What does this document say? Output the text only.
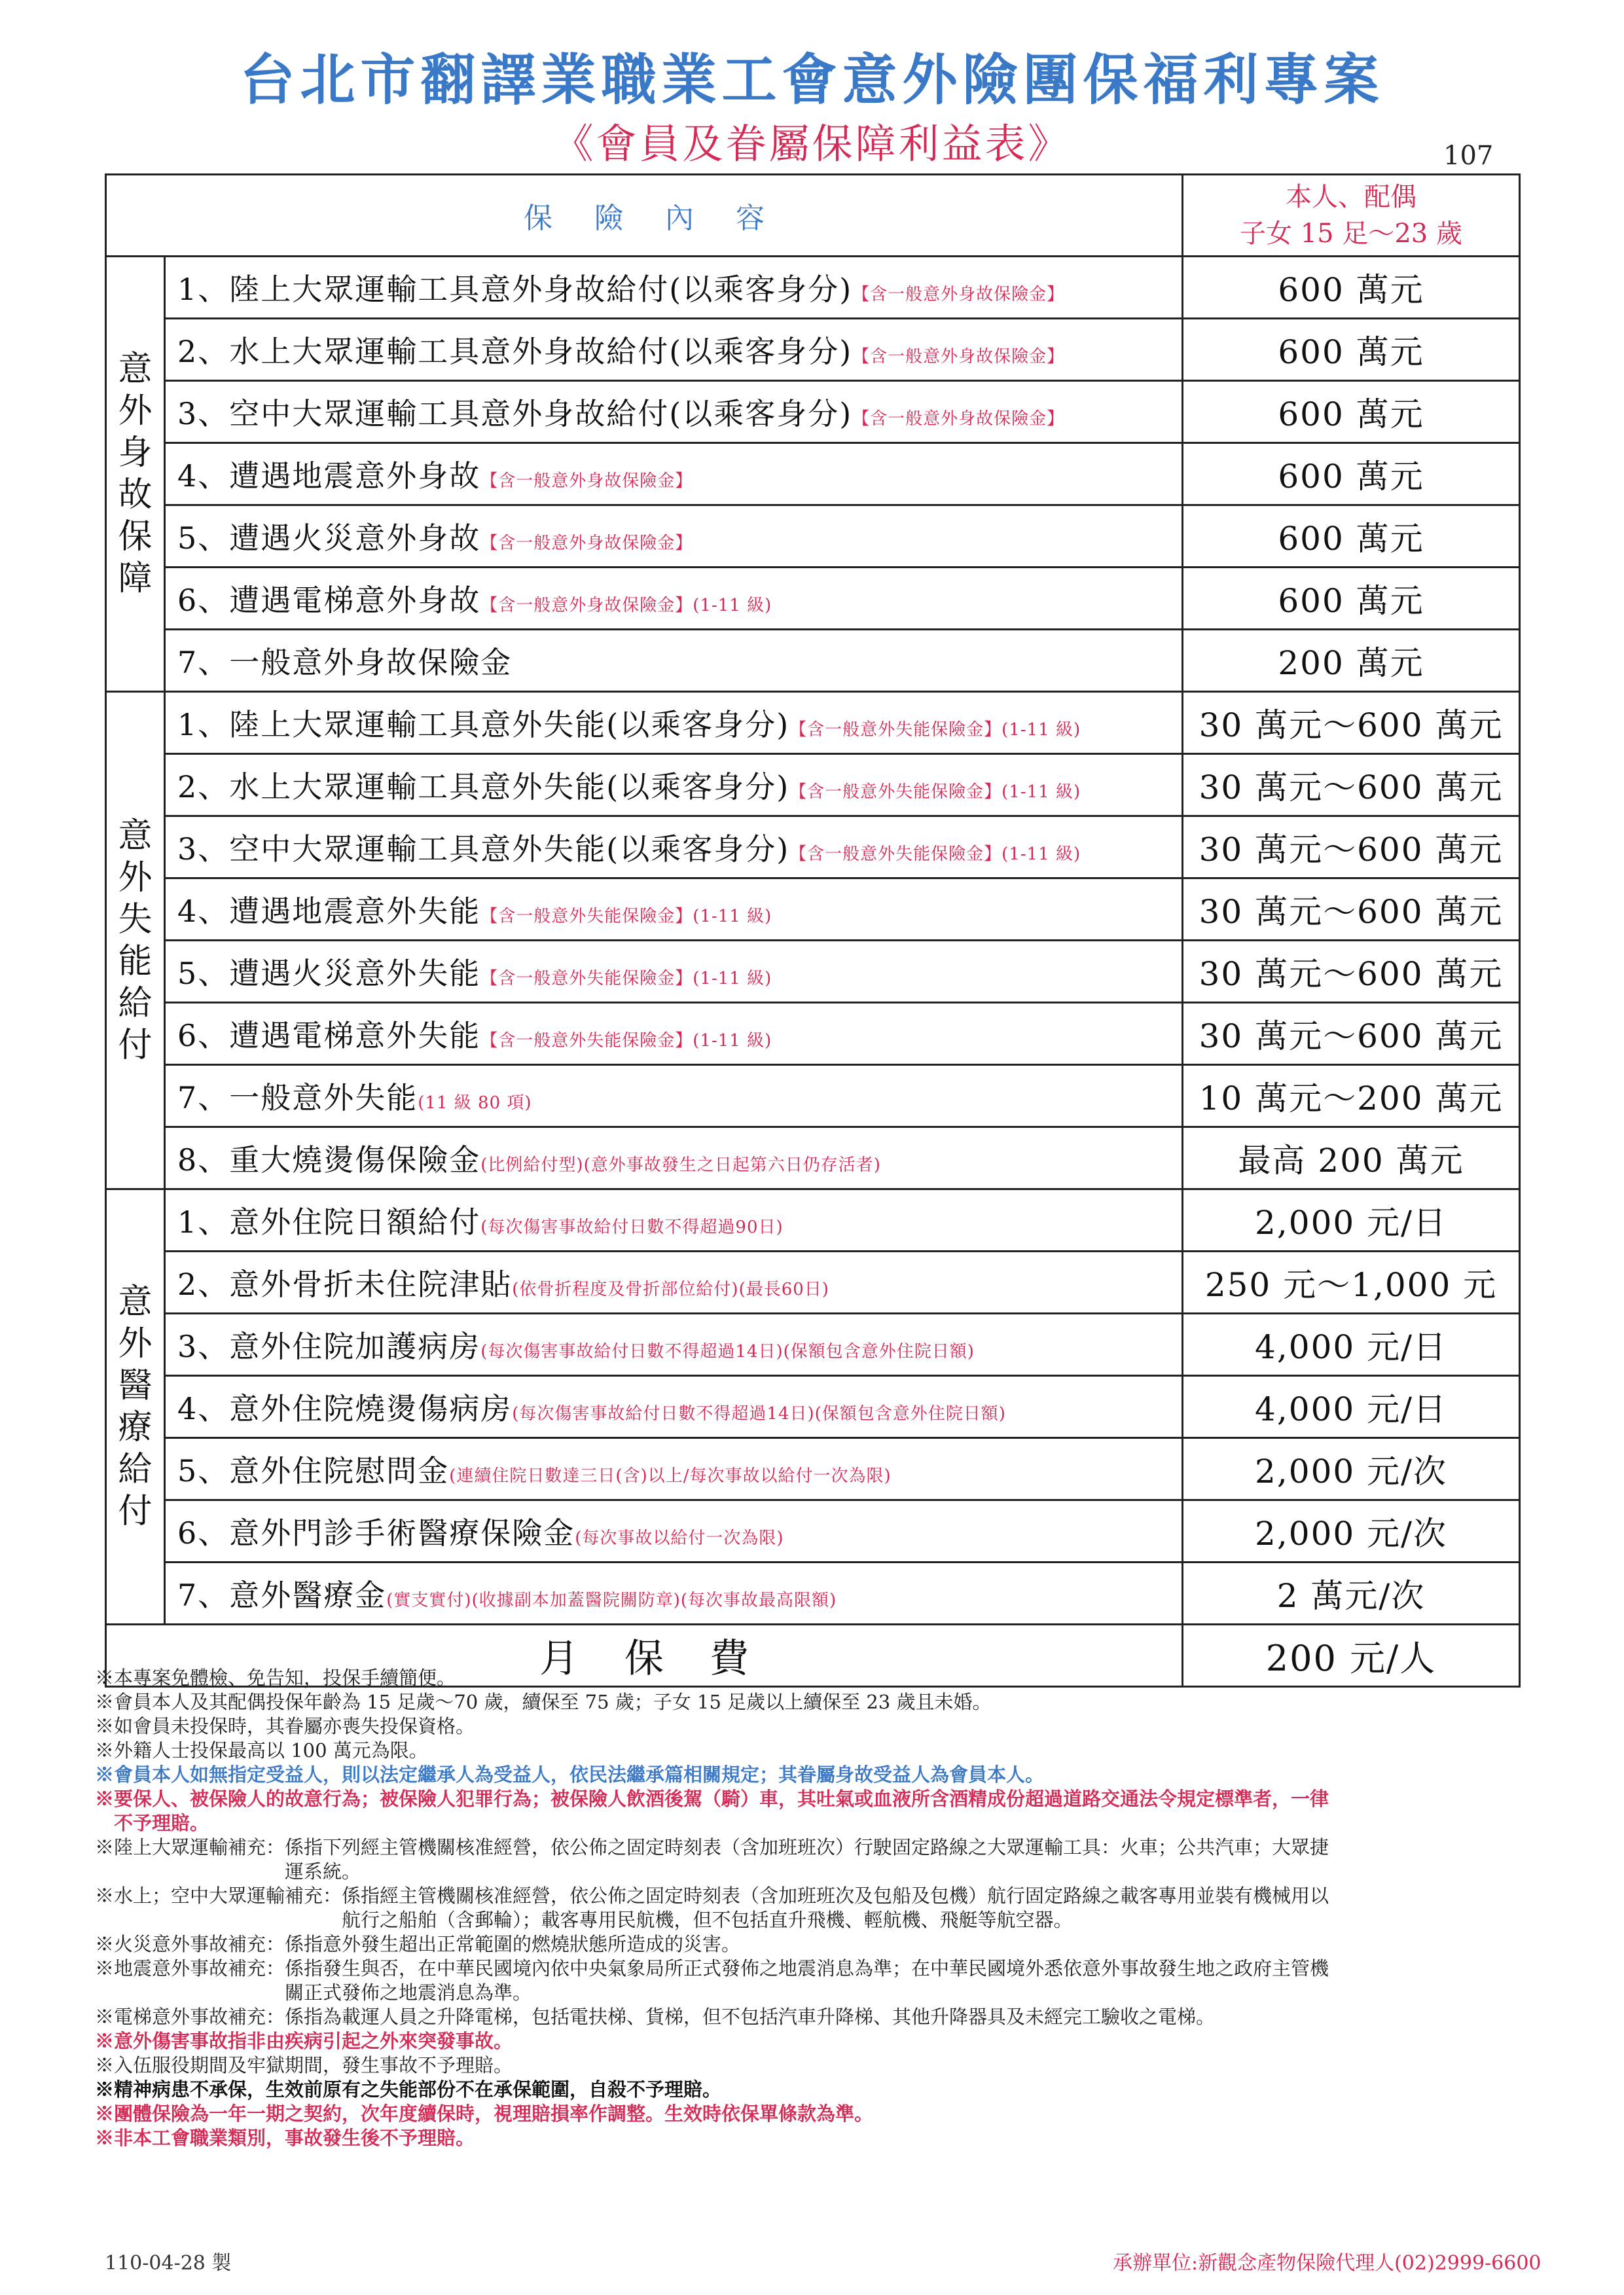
台北市翻譯業職業工會意外險團保福利專案
《會員及眷屬保障利益表》	107
保險內容		本人、配偶
子女 15 足～23 歲

意外身故保障	1、陸上大眾運輸工具意外身故給付(以乘客身分)【含一般意外身故保險金】	600 萬元
	2、水上大眾運輸工具意外身故給付(以乘客身分)【含一般意外身故保險金】	600 萬元
	3、空中大眾運輸工具意外身故給付(以乘客身分)【含一般意外身故保險金】	600 萬元
	4、遭遇地震意外身故【含一般意外身故保險金】	600 萬元
	5、遭遇火災意外身故【含一般意外身故保險金】	600 萬元
	6、遭遇電梯意外身故【含一般意外身故保險金】(1-11 級)	600 萬元
	7、一般意外身故保險金	200 萬元
意外失能給付	1、陸上大眾運輸工具意外失能(以乘客身分)【含一般意外失能保險金】(1-11 級)	30 萬元～600 萬元
	2、水上大眾運輸工具意外失能(以乘客身分)【含一般意外失能保險金】(1-11 級)	30 萬元～600 萬元
	3、空中大眾運輸工具意外失能(以乘客身分)【含一般意外失能保險金】(1-11 級)	30 萬元～600 萬元
	4、遭遇地震意外失能【含一般意外失能保險金】(1-11 級)	30 萬元～600 萬元
	5、遭遇火災意外失能【含一般意外失能保險金】(1-11 級)	30 萬元～600 萬元
	6、遭遇電梯意外失能【含一般意外失能保險金】(1-11 級)	30 萬元～600 萬元
	7、一般意外失能(11 級 80 項)	10 萬元～200 萬元
	8、重大燒燙傷保險金(比例給付型)(意外事故發生之日起第六日仍存活者)	最高 200 萬元
意外醫療給付	1、意外住院日額給付(每次傷害事故給付日數不得超過90日)	2,000 元/日
	2、意外骨折未住院津貼(依骨折程度及骨折部位給付)(最長60日)	250 元～1,000 元
	3、意外住院加護病房(每次傷害事故給付日數不得超過14日)(保額包含意外住院日額)	4,000 元/日
	4、意外住院燒燙傷病房(每次傷害事故給付日數不得超過14日)(保額包含意外住院日額)	4,000 元/日
	5、意外住院慰問金(連續住院日數達三日(含)以上/每次事故以給付一次為限)	2,000 元/次
	6、意外門診手術醫療保險金(每次事故以給付一次為限)	2,000 元/次
	7、意外醫療金(實支實付)(收據副本加蓋醫院關防章)(每次事故最高限額)	2 萬元/次
月保費		200 元/人
※本專案免體檢、免告知，投保手續簡便。
※會員本人及其配偶投保年齡為 15 足歲～70 歲，續保至 75 歲；子女 15 足歲以上續保至 23 歲且未婚。
※如會員未投保時，其眷屬亦喪失投保資格。
※外籍人士投保最高以 100 萬元為限。
※會員本人如無指定受益人，則以法定繼承人為受益人，依民法繼承篇相關規定；其眷屬身故受益人為會員本人。
※要保人、被保險人的故意行為；被保險人犯罪行為；被保險人飲酒後駕（騎）車，其吐氣或血液所含酒精成份超過道路交通法令規定標準者，一律
　不予理賠。
※陸上大眾運輸補充：係指下列經主管機關核准經營，依公佈之固定時刻表（含加班班次）行駛固定路線之大眾運輸工具：火車；公共汽車；大眾捷
　　　　　　　　　　運系統。
※水上；空中大眾運輸補充：係指經主管機關核准經營，依公佈之固定時刻表（含加班班次及包船及包機）航行固定路線之載客專用並裝有機械用以
　　　　　　　　　　　　　航行之船舶（含郵輪）；載客專用民航機，但不包括直升飛機、輕航機、飛艇等航空器。
※火災意外事故補充：係指意外發生超出正常範圍的燃燒狀態所造成的災害。
※地震意外事故補充：係指發生與否，在中華民國境內依中央氣象局所正式發佈之地震消息為準；在中華民國境外悉依意外事故發生地之政府主管機
　　　　　　　　　　關正式發佈之地震消息為準。
※電梯意外事故補充：係指為載運人員之升降電梯，包括電扶梯、貨梯，但不包括汽車升降梯、其他升降器具及未經完工驗收之電梯。
※意外傷害事故指非由疾病引起之外來突發事故。
※入伍服役期間及牢獄期間，發生事故不予理賠。
※精神病患不承保，生效前原有之失能部份不在承保範圍，自殺不予理賠。
※團體保險為一年一期之契約，次年度續保時，視理賠損率作調整。生效時依保單條款為準。
※非本工會職業類別，事故發生後不予理賠。
110-04-28 製	承辦單位:新觀念產物保險代理人(02)2999-6600
